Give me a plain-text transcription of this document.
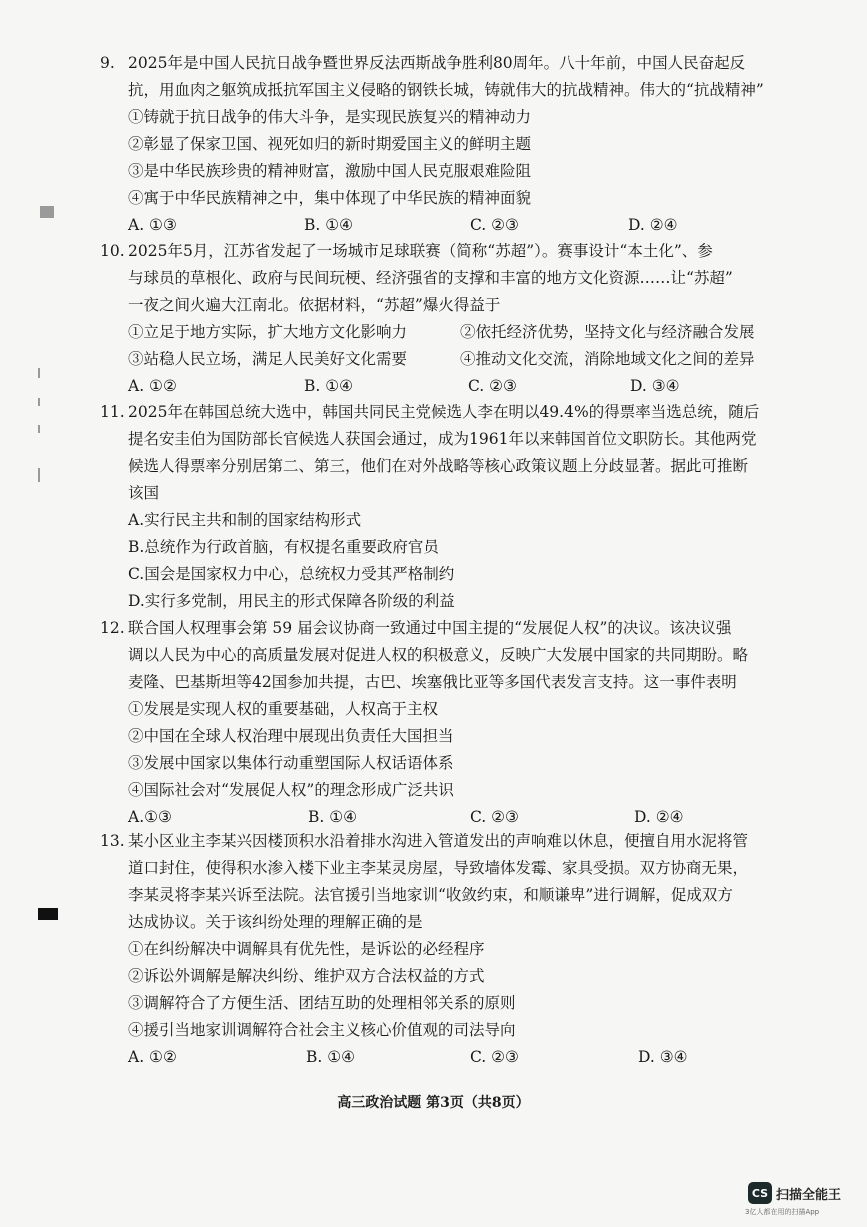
9. 2025年是中国人民抗日战争暨世界反法西斯战争胜利80周年。八十年前，中国人民奋起反
抗，用血肉之躯筑成抵抗军国主义侵略的钢铁长城，铸就伟大的抗战精神。伟大的“抗战精神”
①铸就于抗日战争的伟大斗争，是实现民族复兴的精神动力
②彰显了保家卫国、视死如归的新时期爱国主义的鲜明主题
③是中华民族珍贵的精神财富，激励中国人民克服艰难险阻
④寓于中华民族精神之中，集中体现了中华民族的精神面貌
A. ①③	B. ①④	C. ②③	D. ②④
10. 2025年5月，江苏省发起了一场城市足球联赛（简称“苏超”）。赛事设计“本土化”、参
与球员的草根化、政府与民间玩梗、经济强省的支撑和丰富的地方文化资源……让“苏超”
一夜之间火遍大江南北。依据材料，“苏超”爆火得益于
①立足于地方实际，扩大地方文化影响力	②依托经济优势，坚持文化与经济融合发展
③站稳人民立场，满足人民美好文化需要	④推动文化交流，消除地域文化之间的差异
A. ①②	B. ①④	C. ②③	D. ③④
11. 2025年在韩国总统大选中，韩国共同民主党候选人李在明以49.4%的得票率当选总统，随后
提名安圭伯为国防部长官候选人获国会通过，成为1961年以来韩国首位文职防长。其他两党
候选人得票率分别居第二、第三，他们在对外战略等核心政策议题上分歧显著。据此可推断
该国
A.实行民主共和制的国家结构形式
B.总统作为行政首脑，有权提名重要政府官员
C.国会是国家权力中心，总统权力受其严格制约
D.实行多党制，用民主的形式保障各阶级的利益
12. 联合国人权理事会第 59 届会议协商一致通过中国主提的“发展促人权”的决议。该决议强
调以人民为中心的高质量发展对促进人权的积极意义，反映广大发展中国家的共同期盼。略
麦隆、巴基斯坦等42国参加共提，古巴、埃塞俄比亚等多国代表发言支持。这一事件表明
①发展是实现人权的重要基础，人权高于主权
②中国在全球人权治理中展现出负责任大国担当
③发展中国家以集体行动重塑国际人权话语体系
④国际社会对“发展促人权”的理念形成广泛共识
A.①③	B. ①④	C. ②③	D. ②④
13. 某小区业主李某兴因楼顶积水沿着排水沟进入管道发出的声响难以休息，便擅自用水泥将管
道口封住，使得积水渗入楼下业主李某灵房屋，导致墙体发霉、家具受损。双方协商无果，
李某灵将李某兴诉至法院。法官援引当地家训“收敛约束，和顺谦卑”进行调解，促成双方
达成协议。关于该纠纷处理的理解正确的是
①在纠纷解决中调解具有优先性，是诉讼的必经程序
②诉讼外调解是解决纠纷、维护双方合法权益的方式
③调解符合了方便生活、团结互助的处理相邻关系的原则
④援引当地家训调解符合社会主义核心价值观的司法导向
A. ①②	B. ①④	C. ②③	D. ③④
高三政治试题 第3页（共8页）
CS 扫描全能王
3亿人都在用的扫描App
